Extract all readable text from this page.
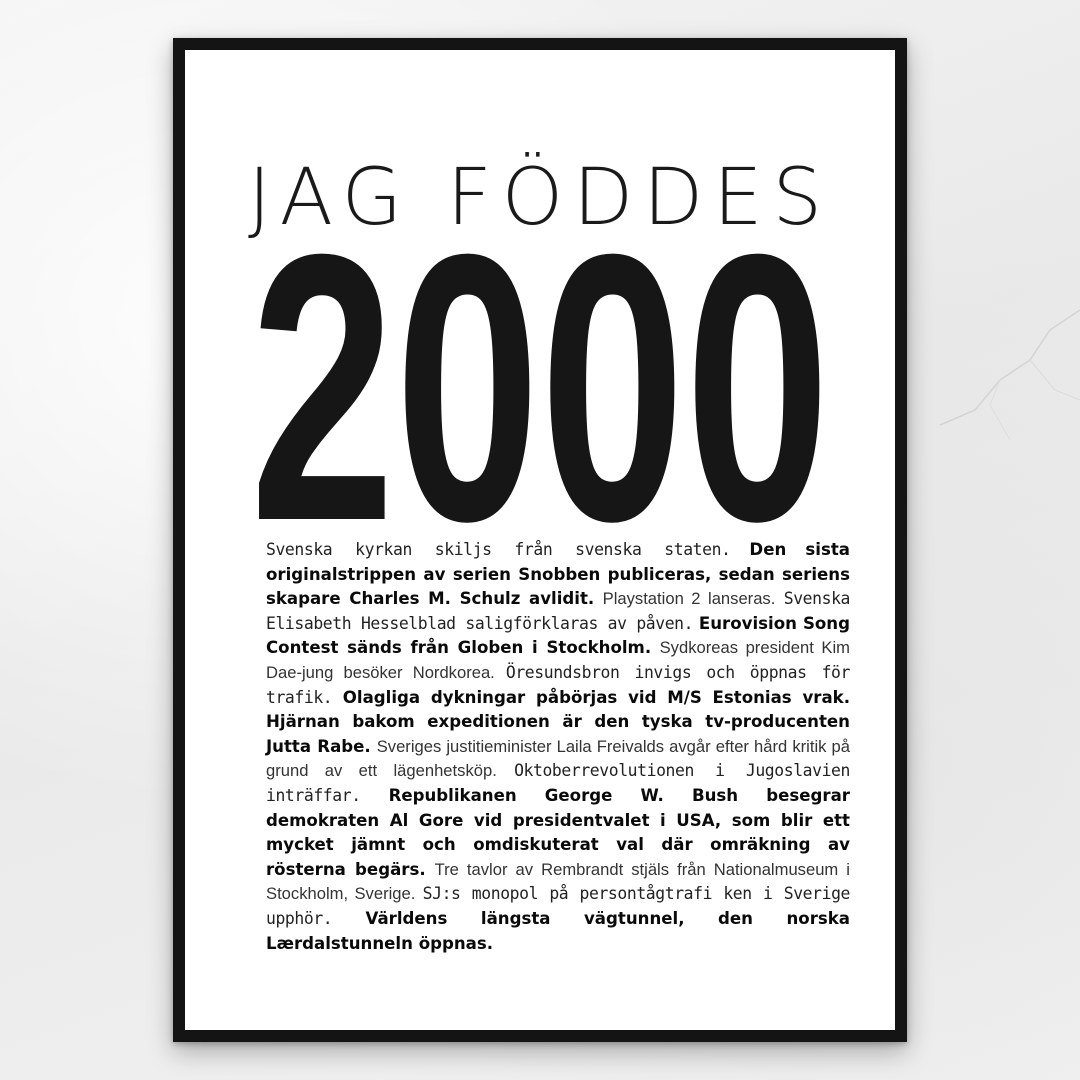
JAG FÖDDES
2000

Svenska kyrkan skiljs från svenska staten. Den sista originalstrippen av serien Snobben publiceras, sedan seriens skapare Charles M. Schulz avlidit. Playstation 2 lanseras. Svenska Elisabeth Hesselblad saligförklaras av påven. Eurovision Song Contest sänds från Globen i Stockholm. Sydkoreas president Kim Dae-jung besöker Nordkorea. Öresundsbron invigs och öppnas för trafik. Olagliga dykningar påbörjas vid M/S Estonias vrak. Hjärnan bakom expeditionen är den tyska tv-producenten Jutta Rabe. Sveriges justitieminister Laila Freivalds avgår efter hård kritik på grund av ett lägenhetsköp. Oktoberrevolutionen i Jugoslavien inträffar. Republikanen George W. Bush besegrar demokraten Al Gore vid presidentvalet i USA, som blir ett mycket jämnt och omdiskuterat val där omräkning av rösterna begärs. Tre tavlor av Rembrandt stjäls från Nationalmuseum i Stockholm, Sverige. SJ:s monopol på persontågtrafi ken i Sverige upphör. Världens längsta vägtunnel, den norska Lærdalstunneln öppnas.
